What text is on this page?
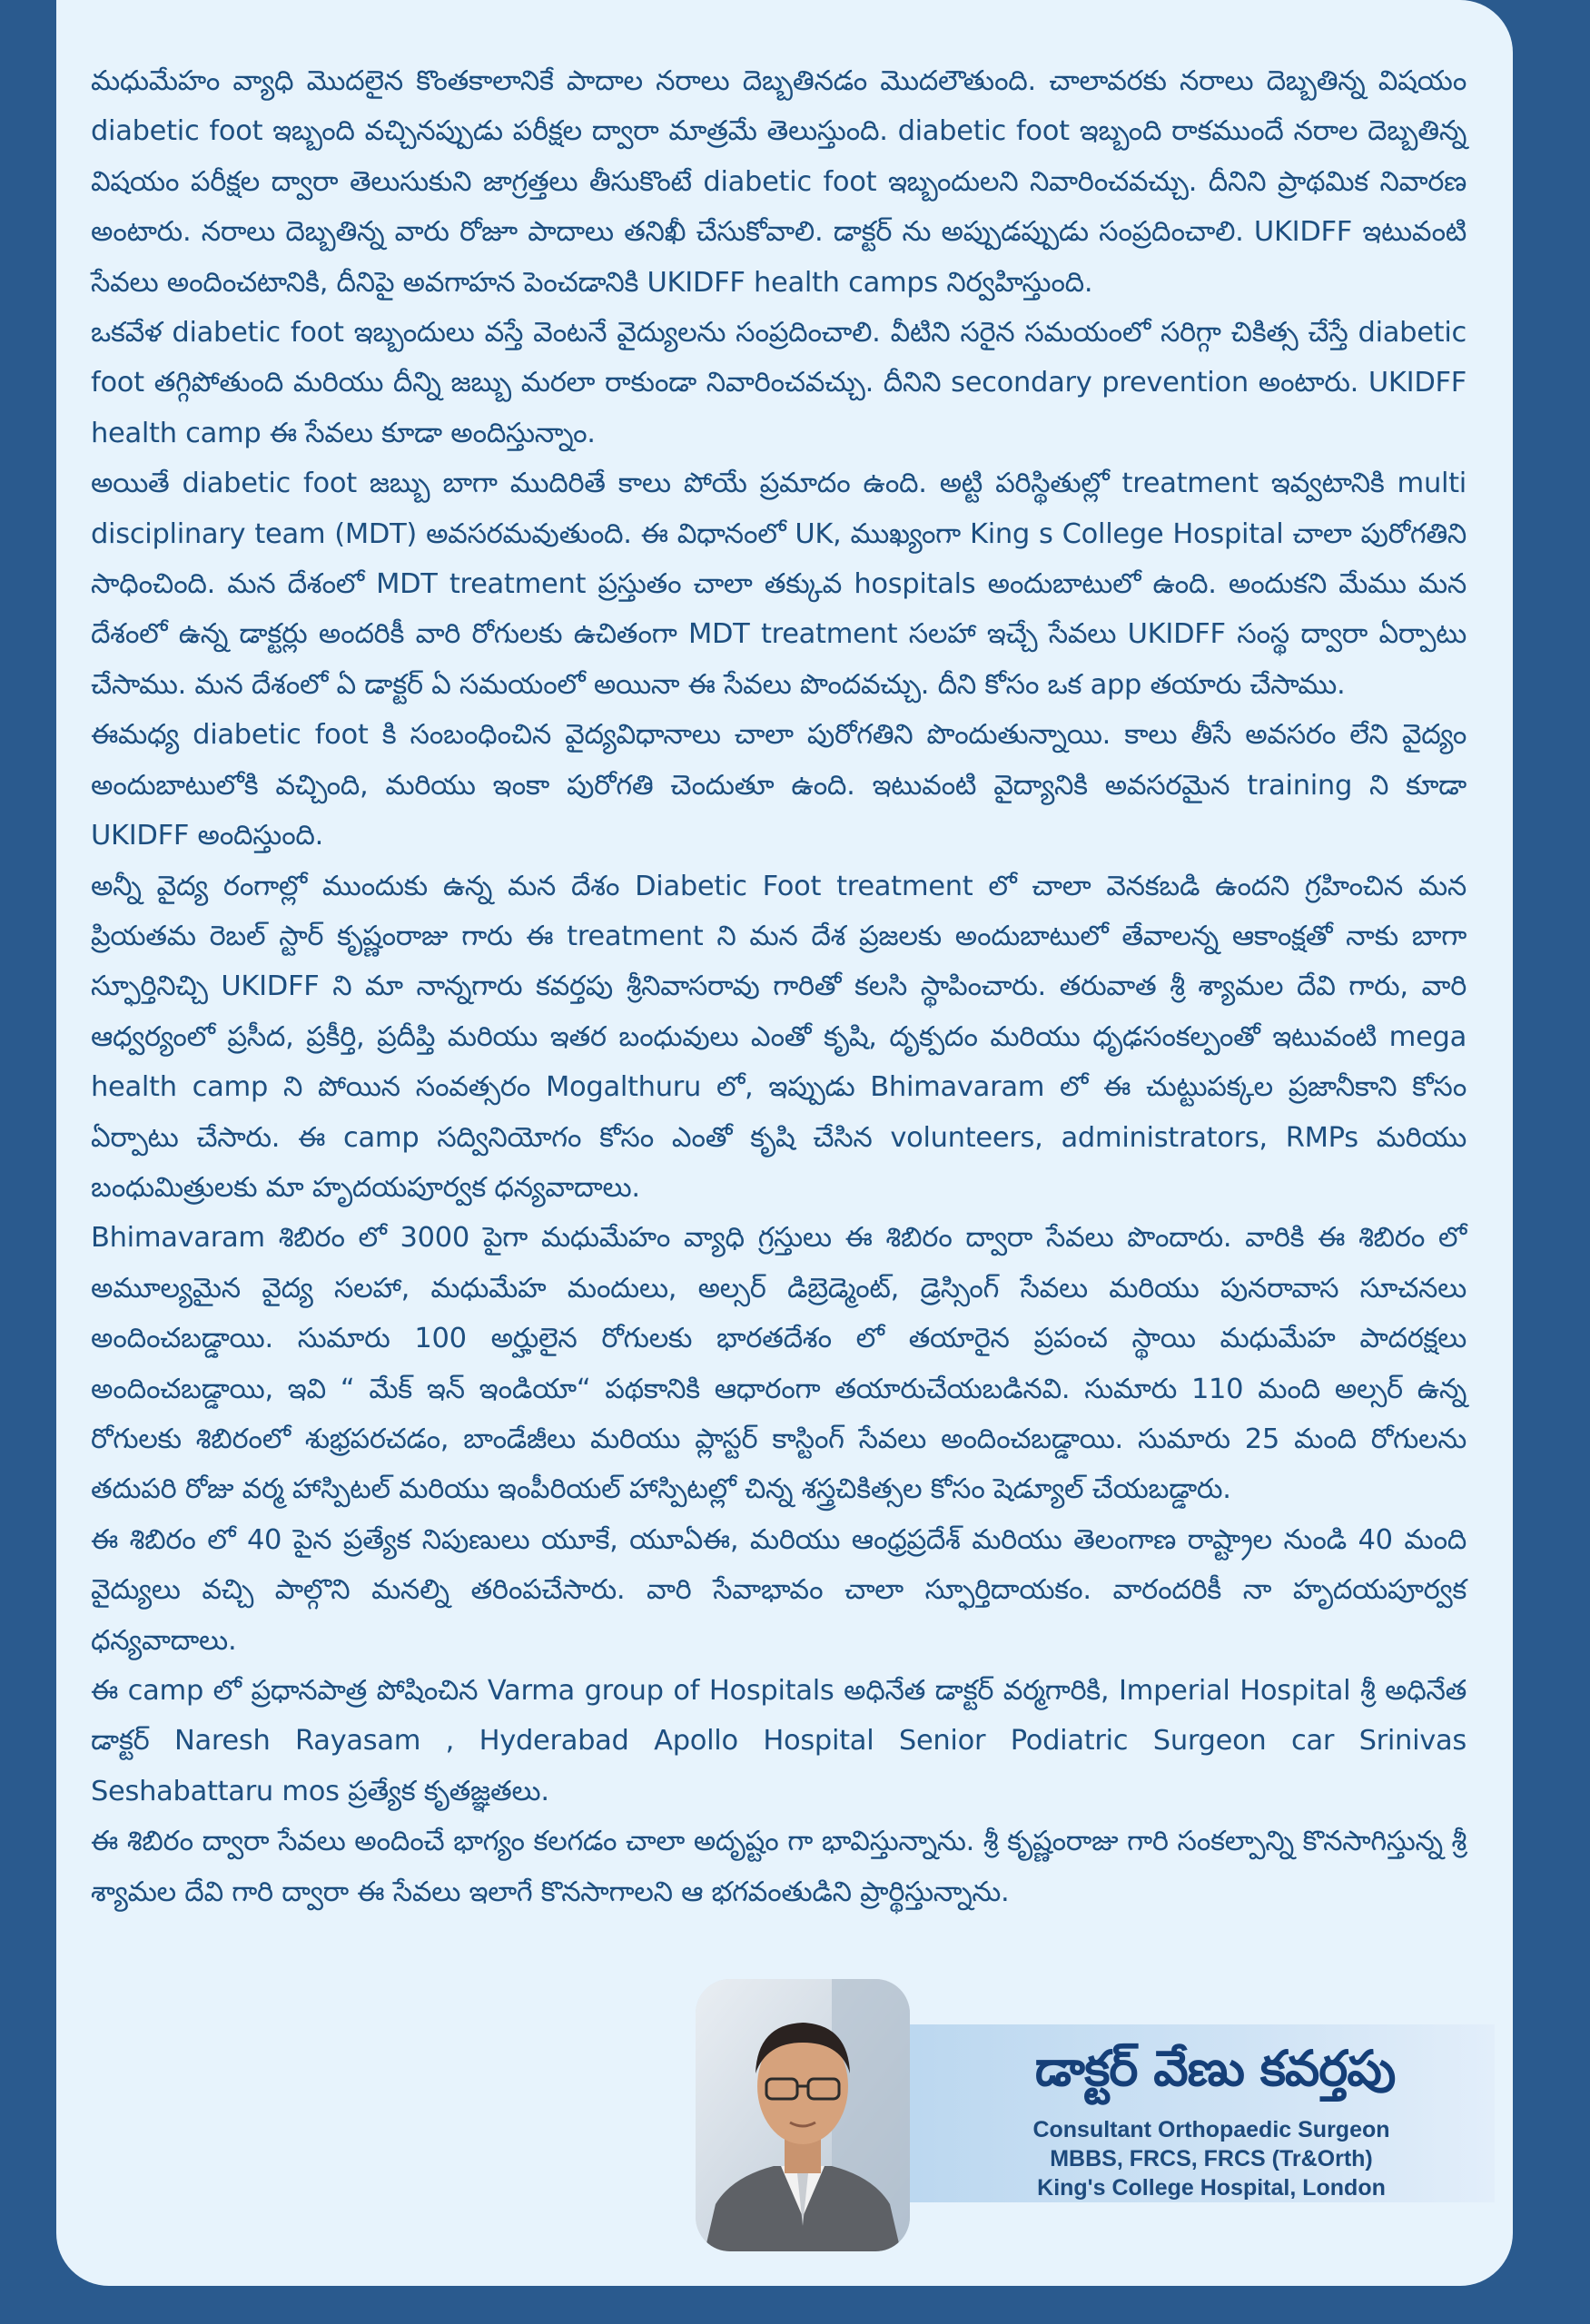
మధుమేహం వ్యాధి మొదలైన కొంతకాలానికే పాదాల నరాలు దెబ్బతినడం మొదలౌతుంది. చాలావరకు నరాలు దెబ్బతిన్న విషయం diabetic foot ఇబ్బంది వచ్చినప్పుడు పరీక్షల ద్వారా మాత్రమే తెలుస్తుంది. diabetic foot ఇబ్బంది రాకముందే నరాల దెబ్బతిన్న విషయం పరీక్షల ద్వారా తెలుసుకుని జాగ్రత్తలు తీసుకొంటే diabetic foot ఇబ్బందులని నివారించవచ్చు. దీనిని ప్రాథమిక నివారణ అంటారు. నరాలు దెబ్బతిన్న వారు రోజూ పాదాలు తనిఖీ చేసుకోవాలి. డాక్టర్ ను అప్పుడప్పుడు సంప్రదించాలి. UKIDFF ఇటువంటి సేవలు అందించటానికి, దీనిపై అవగాహన పెంచడానికి UKIDFF health camps నిర్వహిస్తుంది.

ఒకవేళ diabetic foot ఇబ్బందులు వస్తే వెంటనే వైద్యులను సంప్రదించాలి. వీటిని సరైన సమయంలో సరిగ్గా చికిత్స చేస్తే diabetic foot తగ్గిపోతుంది మరియు దీన్ని జబ్బు మరలా రాకుండా నివారించవచ్చు. దీనిని secondary prevention అంటారు. UKIDFF health camp ఈ సేవలు కూడా అందిస్తున్నాం.

అయితే diabetic foot జబ్బు బాగా ముదిరితే కాలు పోయే ప్రమాదం ఉంది. అట్టి పరిస్థితుల్లో treatment ఇవ్వటానికి multi disciplinary team (MDT) అవసరమవుతుంది. ఈ విధానంలో UK, ముఖ్యంగా King s College Hospital చాలా పురోగతిని సాధించింది. మన దేశంలో MDT treatment ప్రస్తుతం చాలా తక్కువ hospitals అందుబాటులో ఉంది. అందుకని మేము మన దేశంలో ఉన్న డాక్టర్లు అందరికీ వారి రోగులకు ఉచితంగా MDT treatment సలహా ఇచ్చే సేవలు UKIDFF సంస్థ ద్వారా ఏర్పాటు చేసాము. మన దేశంలో ఏ డాక్టర్ ఏ సమయంలో అయినా ఈ సేవలు పొందవచ్చు. దీని కోసం ఒక app తయారు చేసాము.

ఈమధ్య diabetic foot కి సంబంధించిన వైద్యవిధానాలు చాలా పురోగతిని పొందుతున్నాయి. కాలు తీసే అవసరం లేని వైద్యం అందుబాటులోకి వచ్చింది, మరియు ఇంకా పురోగతి చెందుతూ ఉంది. ఇటువంటి వైద్యానికి అవసరమైన training ని కూడా UKIDFF అందిస్తుంది.

అన్నీ వైద్య రంగాల్లో ముందుకు ఉన్న మన దేశం Diabetic Foot treatment లో చాలా వెనకబడి ఉందని గ్రహించిన మన ప్రియతమ రెబల్ స్టార్ కృష్ణంరాజు గారు ఈ treatment ని మన దేశ ప్రజలకు అందుబాటులో తేవాలన్న ఆకాంక్షతో నాకు బాగా స్ఫూర్తినిచ్చి UKIDFF ని మా నాన్నగారు కవర్తపు శ్రీనివాసరావు గారితో కలసి స్థాపించారు. తరువాత శ్రీ శ్యామల దేవి గారు, వారి ఆధ్వర్యంలో ప్రసీద, ప్రకీర్తి, ప్రదీప్తి మరియు ఇతర బంధువులు ఎంతో కృషి, దృక్పదం మరియు ధృఢసంకల్పంతో ఇటువంటి mega health camp ని పోయిన సంవత్సరం Mogalthuru లో, ఇప్పుడు Bhimavaram లో ఈ చుట్టుపక్కల ప్రజానీకాని కోసం ఏర్పాటు చేసారు. ఈ camp సద్వినియోగం కోసం ఎంతో కృషి చేసిన volunteers, administrators, RMPs మరియు బంధుమిత్రులకు మా హృదయపూర్వక ధన్యవాదాలు.

Bhimavaram శిబిరం లో 3000 పైగా మధుమేహం వ్యాధి గ్రస్తులు ఈ శిబిరం ద్వారా సేవలు పొందారు. వారికి ఈ శిబిరం లో అమూల్యమైన వైద్య సలహా, మధుమేహ మందులు, అల్సర్ డిబ్రెడ్మెంట్, డ్రెస్సింగ్ సేవలు మరియు పునరావాస సూచనలు అందించబడ్డాయి. సుమారు 100 అర్హులైన రోగులకు భారతదేశం లో తయారైన ప్రపంచ స్థాయి మధుమేహ పాదరక్షలు అందించబడ్డాయి, ఇవి “ మేక్ ఇన్ ఇండియా“ పథకానికి ఆధారంగా తయారుచేయబడినవి. సుమారు 110 మంది అల్సర్ ఉన్న రోగులకు శిబిరంలో శుభ్రపరచడం, బాండేజీలు మరియు ప్లాస్టర్ కాస్టింగ్ సేవలు అందించబడ్డాయి. సుమారు 25 మంది రోగులను తదుపరి రోజు వర్మ హాస్పిటల్ మరియు ఇంపీరియల్ హాస్పిటల్లో చిన్న శస్త్రచికిత్సల కోసం షెడ్యూల్ చేయబడ్డారు.

ఈ శిబిరం లో 40 పైన ప్రత్యేక నిపుణులు యూకే, యూఏఈ, మరియు ఆంధ్రప్రదేశ్ మరియు తెలంగాణ రాష్ట్రాల నుండి 40 మంది వైద్యులు వచ్చి పాల్గొని మనల్ని తరింపచేసారు. వారి సేవాభావం చాలా స్ఫూర్తిదాయకం. వారందరికీ నా హృదయపూర్వక ధన్యవాదాలు.

ఈ camp లో ప్రధానపాత్ర పోషించిన Varma group of Hospitals అధినేత డాక్టర్ వర్మగారికి, Imperial Hospital శ్రీ అధినేత డాక్టర్ Naresh Rayasam , Hyderabad Apollo Hospital Senior Podiatric Surgeon car Srinivas Seshabattaru mos ప్రత్యేక కృతజ్ఞతలు.

ఈ శిబిరం ద్వారా సేవలు అందించే భాగ్యం కలగడం చాలా అదృష్టం గా భావిస్తున్నాను. శ్రీ కృష్ణంరాజు గారి సంకల్పాన్ని కొనసాగిస్తున్న శ్రీ శ్యామల దేవి గారి ద్వారా ఈ సేవలు ఇలాగే కొనసాగాలని ఆ భగవంతుడిని ప్రార్థిస్తున్నాను.

డాక్టర్ వేణు కవర్తపు
Consultant Orthopaedic Surgeon
MBBS, FRCS, FRCS (Tr&Orth)
King's College Hospital, London
